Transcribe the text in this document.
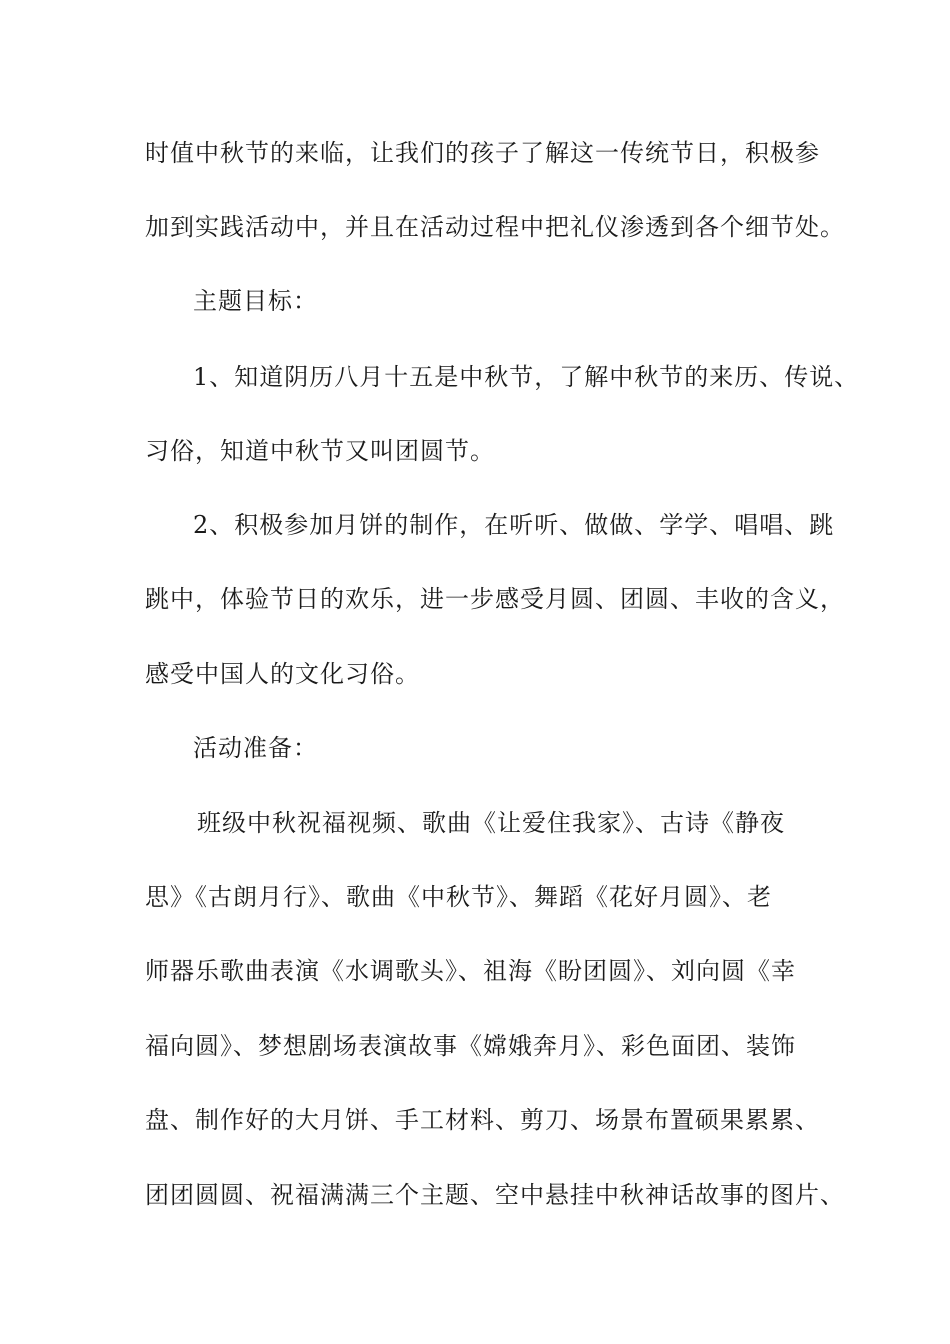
时值中秋节的来临，让我们的孩子了解这一传统节日，积极参
加到实践活动中，并且在活动过程中把礼仪渗透到各个细节处。
主题目标：
1、知道阴历八月十五是中秋节，了解中秋节的来历、传说、
习俗，知道中秋节又叫团圆节。
2、积极参加月饼的制作，在听听、做做、学学、唱唱、跳
跳中，体验节日的欢乐，进一步感受月圆、团圆、丰收的含义，
感受中国人的文化习俗。
活动准备：
班级中秋祝福视频、歌曲《让爱住我家》、古诗《静夜
思》《古朗月行》、歌曲《中秋节》、舞蹈《花好月圆》、老
师器乐歌曲表演《水调歌头》、祖海《盼团圆》、刘向圆《幸
福向圆》、梦想剧场表演故事《嫦娥奔月》、彩色面团、装饰
盘、制作好的大月饼、手工材料、剪刀、场景布置硕果累累、
团团圆圆、祝福满满三个主题、空中悬挂中秋神话故事的图片、
